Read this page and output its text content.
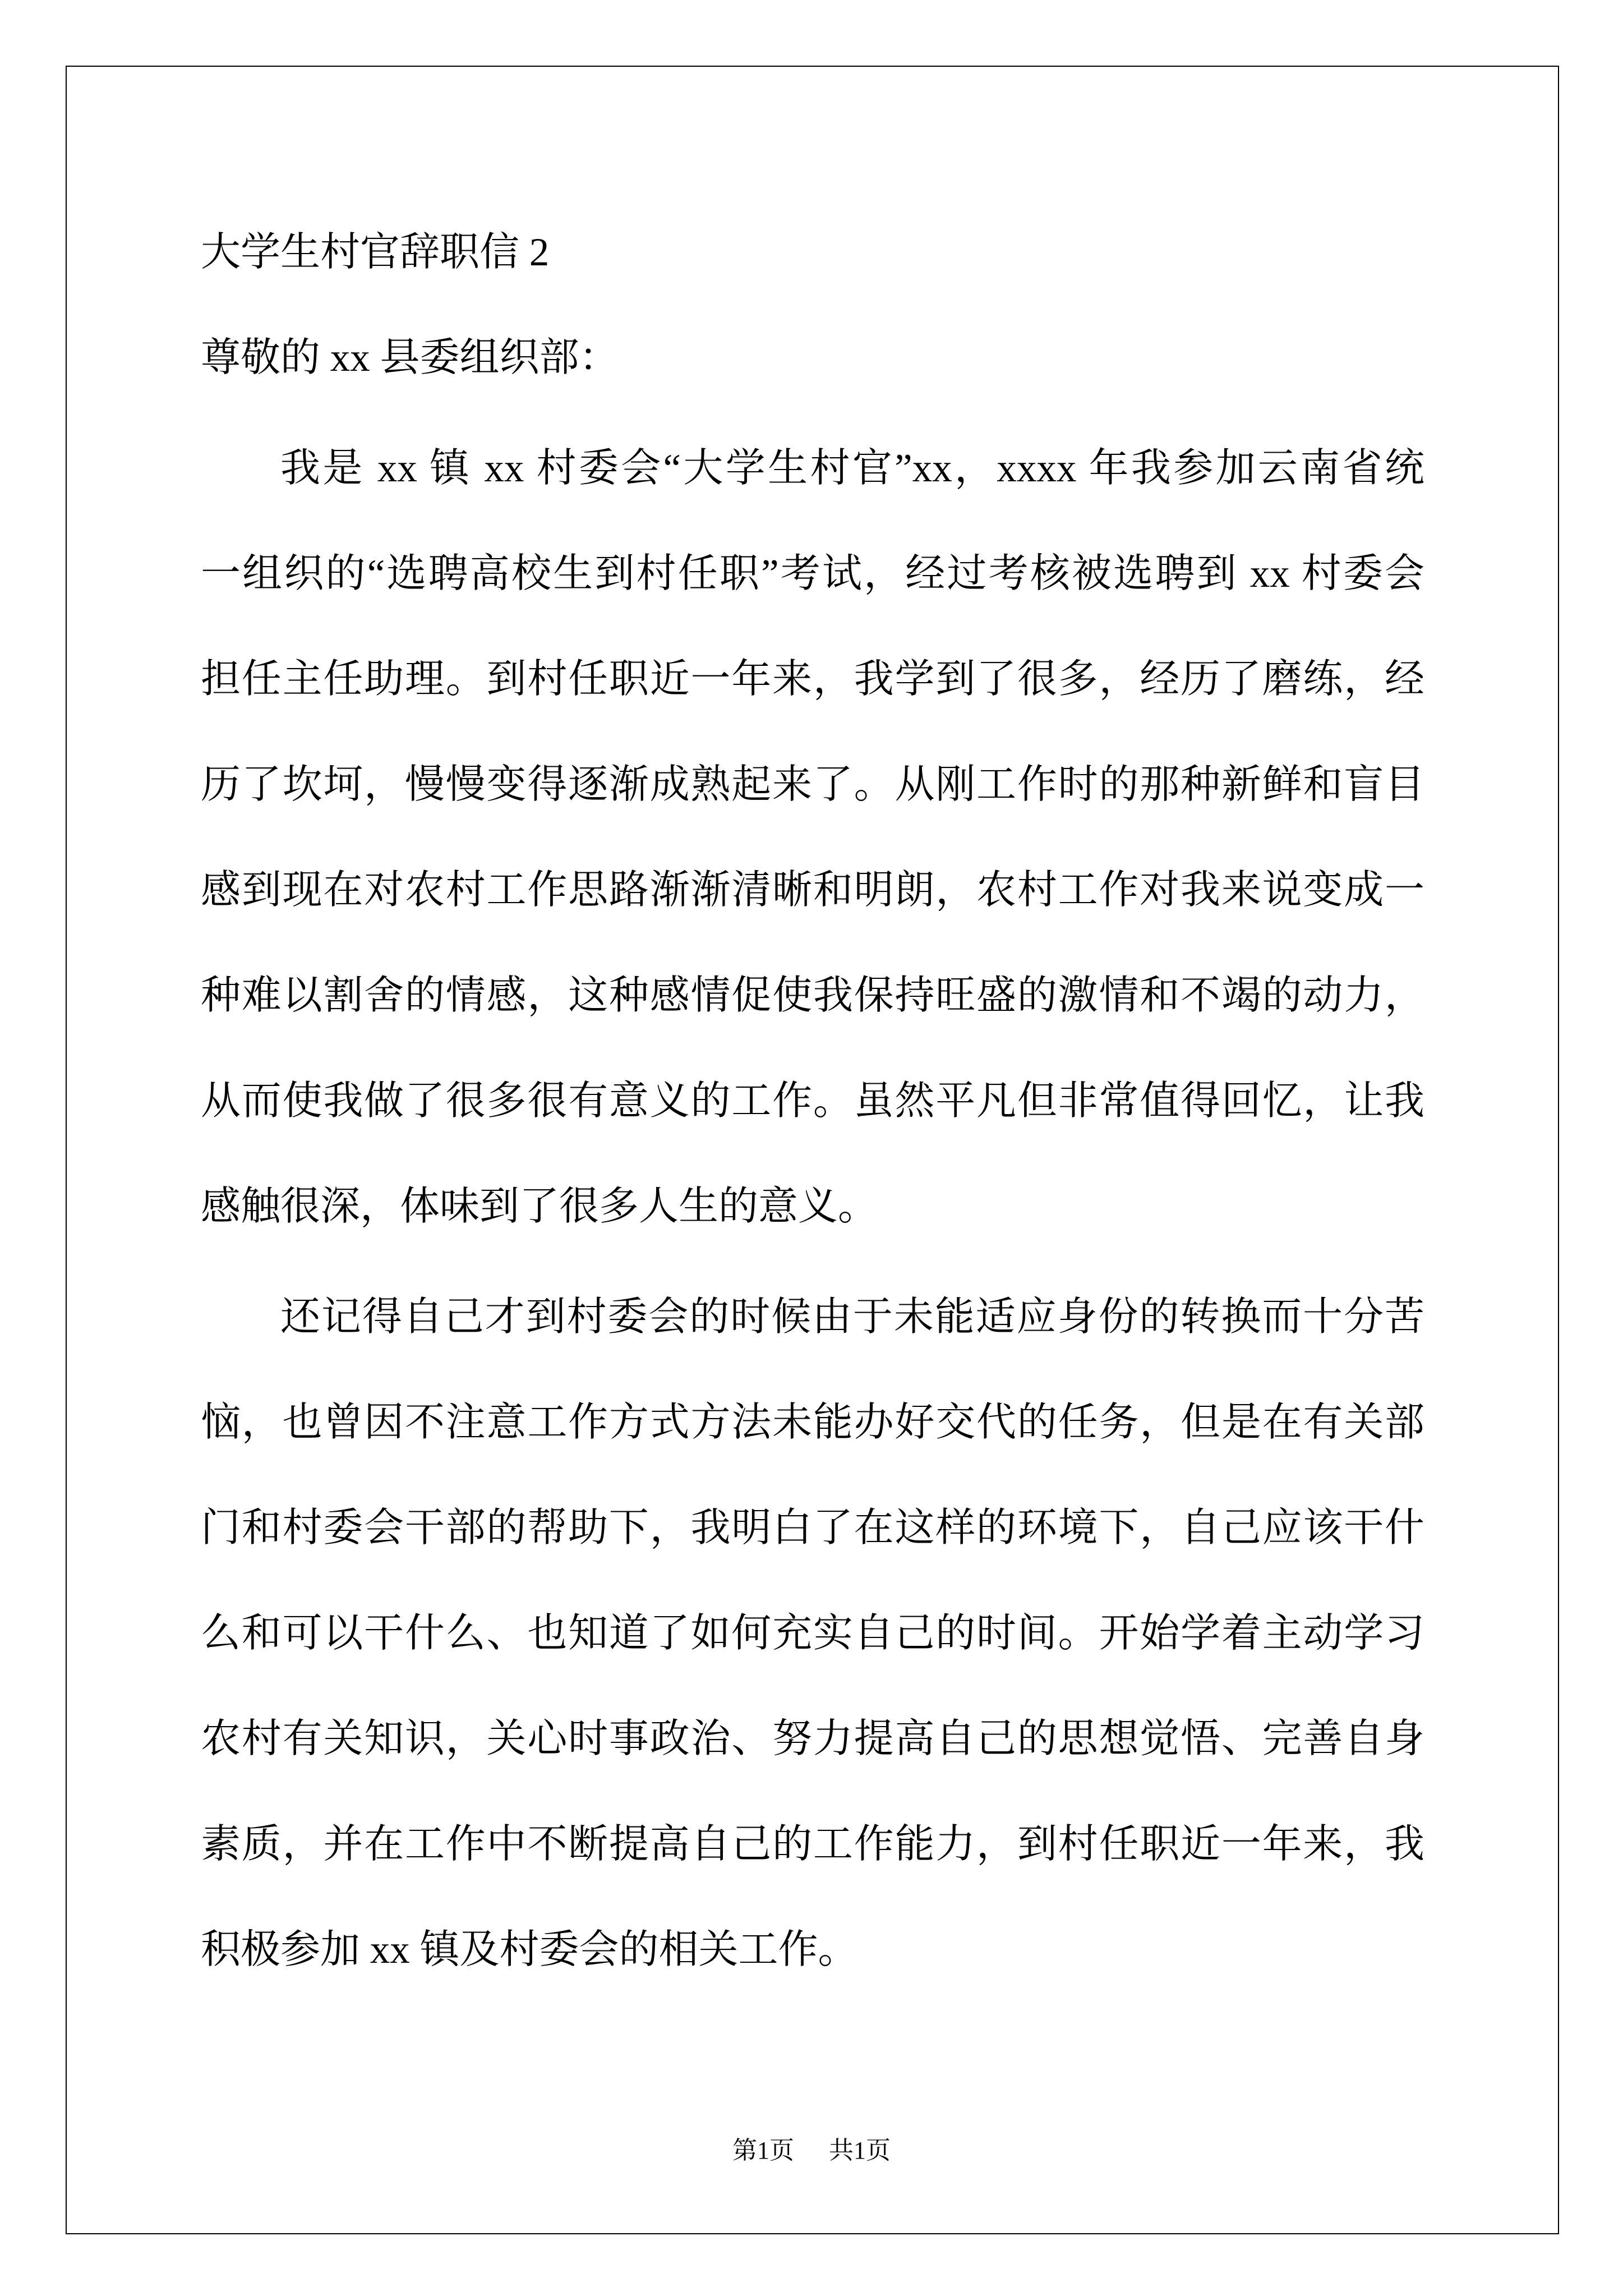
大学生村官辞职信 2
尊敬的 xx 县委组织部：
我是 xx 镇 xx 村委会“大学生村官”xx，xxxx 年我参加云南省统
一组织的“选聘高校生到村任职”考试，经过考核被选聘到 xx 村委会
担任主任助理。到村任职近一年来，我学到了很多，经历了磨练，经
历了坎坷，慢慢变得逐渐成熟起来了。从刚工作时的那种新鲜和盲目
感到现在对农村工作思路渐渐清晰和明朗，农村工作对我来说变成一
种难以割舍的情感，这种感情促使我保持旺盛的激情和不竭的动力，
从而使我做了很多很有意义的工作。虽然平凡但非常值得回忆，让我
感触很深，体味到了很多人生的意义。
还记得自己才到村委会的时候由于未能适应身份的转换而十分苦
恼，也曾因不注意工作方式方法未能办好交代的任务，但是在有关部
门和村委会干部的帮助下，我明白了在这样的环境下，自己应该干什
么和可以干什么、也知道了如何充实自己的时间。开始学着主动学习
农村有关知识，关心时事政治、努力提高自己的思想觉悟、完善自身
素质，并在工作中不断提高自己的工作能力，到村任职近一年来，我
积极参加 xx 镇及村委会的相关工作。
第1页 共1页
